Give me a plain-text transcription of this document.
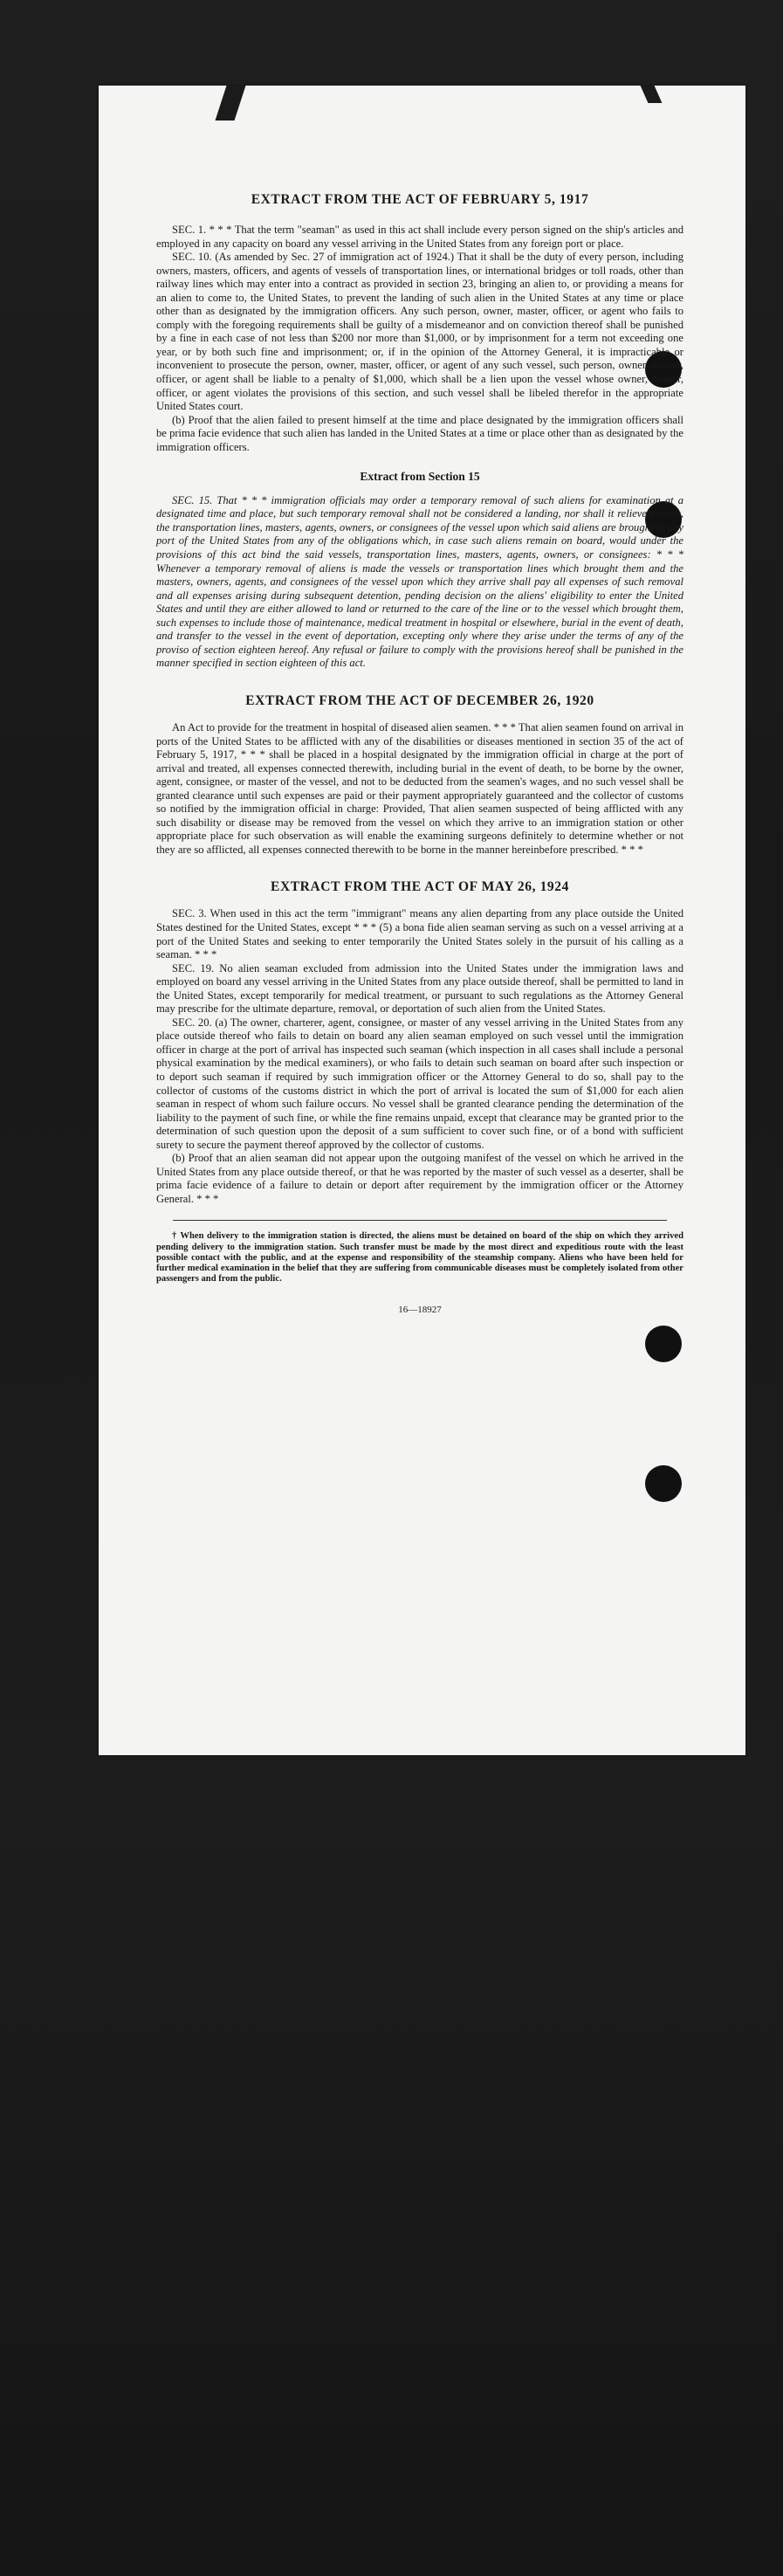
EXTRACT FROM THE ACT OF FEBRUARY 5, 1917

SEC. 1. * * * That the term "seaman" as used in this act shall include every person signed on the ship's articles and employed in any capacity on board any vessel arriving in the United States from any foreign port or place.

SEC. 10. (As amended by Sec. 27 of immigration act of 1924.) That it shall be the duty of every person, including owners, masters, officers, and agents of vessels of transportation lines, or international bridges or toll roads, other than railway lines which may enter into a contract as provided in section 23, bringing an alien to, or providing a means for an alien to come to, the United States, to prevent the landing of such alien in the United States at any time or place other than as designated by the immigration officers. Any such person, owner, master, officer, or agent who fails to comply with the foregoing requirements shall be guilty of a misdemeanor and on conviction thereof shall be punished by a fine in each case of not less than $200 nor more than $1,000, or by imprisonment for a term not exceeding one year, or by both such fine and imprisonment; or, if in the opinion of the Attorney General, it is impracticable or inconvenient to prosecute the person, owner, master, officer, or agent of any such vessel, such person, owner, master, officer, or agent shall be liable to a penalty of $1,000, which shall be a lien upon the vessel whose owner, master, officer, or agent violates the provisions of this section, and such vessel shall be libeled therefor in the appropriate United States court.

(b) Proof that the alien failed to present himself at the time and place designated by the immigration officers shall be prima facie evidence that such alien has landed in the United States at a time or place other than as designated by the immigration officers.

Extract from Section 15

SEC. 15. That * * * immigration officials may order a temporary removal of such aliens for examination at a designated time and place, but such temporary removal shall not be considered a landing, nor shall it relieve vessels, the transportation lines, masters, agents, owners, or consignees of the vessel upon which said aliens are brought to any port of the United States from any of the obligations which, in case such aliens remain on board, would under the provisions of this act bind the said vessels, transportation lines, masters, agents, owners, or consignees: * * * Whenever a temporary removal of aliens is made the vessels or transportation lines which brought them and the masters, owners, agents, and consignees of the vessel upon which they arrive shall pay all expenses of such removal and all expenses arising during subsequent detention, pending decision on the aliens' eligibility to enter the United States and until they are either allowed to land or returned to the care of the line or to the vessel which brought them, such expenses to include those of maintenance, medical treatment in hospital or elsewhere, burial in the event of death, and transfer to the vessel in the event of deportation, excepting only where they arise under the terms of any of the proviso of section eighteen hereof. Any refusal or failure to comply with the provisions hereof shall be punished in the manner specified in section eighteen of this act.

EXTRACT FROM THE ACT OF DECEMBER 26, 1920

An Act to provide for the treatment in hospital of diseased alien seamen. * * * That alien seamen found on arrival in ports of the United States to be afflicted with any of the disabilities or diseases mentioned in section 35 of the act of February 5, 1917, * * * shall be placed in a hospital designated by the immigration official in charge at the port of arrival and treated, all expenses connected therewith, including burial in the event of death, to be borne by the owner, agent, consignee, or master of the vessel, and not to be deducted from the seamen's wages, and no such vessel shall be granted clearance until such expenses are paid or their payment appropriately guaranteed and the collector of customs so notified by the immigration official in charge: Provided, That alien seamen suspected of being afflicted with any such disability or disease may be removed from the vessel on which they arrive to an immigration station or other appropriate place for such observation as will enable the examining surgeons definitely to determine whether or not they are so afflicted, all expenses connected therewith to be borne in the manner hereinbefore prescribed. * * *

EXTRACT FROM THE ACT OF MAY 26, 1924

SEC. 3. When used in this act the term "immigrant" means any alien departing from any place outside the United States destined for the United States, except * * * (5) a bona fide alien seaman serving as such on a vessel arriving at a port of the United States and seeking to enter temporarily the United States solely in the pursuit of his calling as a seaman. * * *

SEC. 19. No alien seaman excluded from admission into the United States under the immigration laws and employed on board any vessel arriving in the United States from any place outside thereof, shall be permitted to land in the United States, except temporarily for medical treatment, or pursuant to such regulations as the Attorney General may prescribe for the ultimate departure, removal, or deportation of such alien from the United States.

SEC. 20. (a) The owner, charterer, agent, consignee, or master of any vessel arriving in the United States from any place outside thereof who fails to detain on board any alien seaman employed on such vessel until the immigration officer in charge at the port of arrival has inspected such seaman (which inspection in all cases shall include a personal physical examination by the medical examiners), or who fails to detain such seaman on board after such inspection or to deport such seaman if required by such immigration officer or the Attorney General to do so, shall pay to the collector of customs of the customs district in which the port of arrival is located the sum of $1,000 for each alien seaman in respect of whom such failure occurs. No vessel shall be granted clearance pending the determination of the liability to the payment of such fine, or while the fine remains unpaid, except that clearance may be granted prior to the determination of such question upon the deposit of a sum sufficient to cover such fine, or of a bond with sufficient surety to secure the payment thereof approved by the collector of customs.

(b) Proof that an alien seaman did not appear upon the outgoing manifest of the vessel on which he arrived in the United States from any place outside thereof, or that he was reported by the master of such vessel as a deserter, shall be prima facie evidence of a failure to detain or deport after requirement by the immigration officer or the Attorney General. * * *

† When delivery to the immigration station is directed, the aliens must be detained on board of the ship on which they arrived pending delivery to the immigration station. Such transfer must be made by the most direct and expeditious route with the least possible contact with the public, and at the expense and responsibility of the steamship company. Aliens who have been held for further medical examination in the belief that they are suffering from communicable diseases must be completely isolated from other passengers and from the public.

16—18927
